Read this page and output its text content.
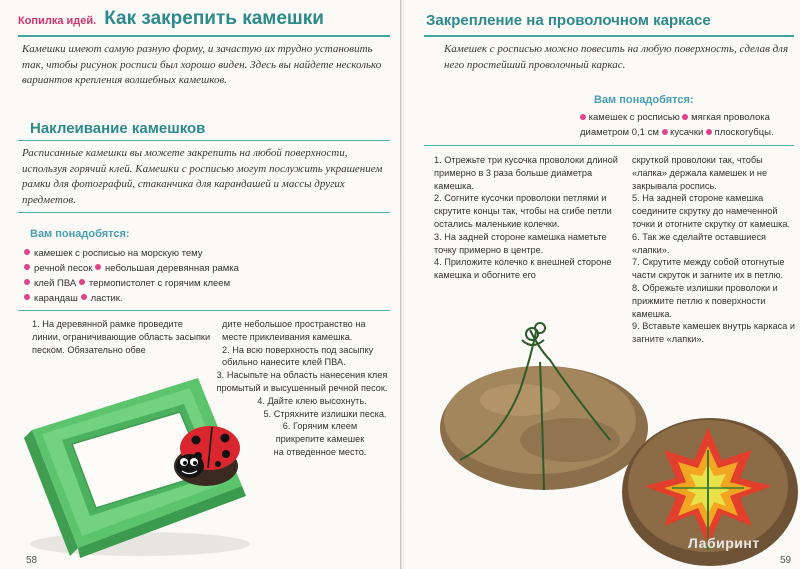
Копилка идей. Как закрепить камешки

Камешки имеют самую разную форму, и зачастую их трудно установить так, чтобы рисунок росписи был хорошо виден. Здесь вы найдете несколько вариантов крепления волшебных камешков.

Наклеивание камешков

Расписанные камешки вы можете закрепить на любой поверхности, используя горячий клей. Камешки с росписью могут послужить украшением рамки для фотографий, стаканчика для карандашей и массы других предметов.

Вам понадобятся:

камешек с росписью на морскую тему
речной песок небольшая деревянная рамка
клей ПВА термопистолет с горячим клеем
карандаш ластик.

1. На деревянной рамке проведите линии, ограничивающие область засыпки песком. Обязательно обве

дите небольшое пространство на месте приклеивания камешка.

2. На всю поверхность под засыпку обильно нанесите клей ПВА.

3. Насыпьте на область нанесения клея промытый и высушенный речной песок.

4. Дайте клею высохнуть.

5. Стряхните излишки песка.

6. Горячим клеем прикрепите камешек на отведенное место.

58

Закрепление на проволочном каркасе

Камешек с росписью можно повесить на любую поверхность, сделав для него простейший проволочный каркас.

Вам понадобятся:

камешек с росписью мягкая проволока
диаметром 0,1 см кусачки плоскогубцы.

1. Отрежьте три кусочка проволоки длиной примерно в 3 раза больше диаметра камешка.

2. Согните кусочки проволоки петлями и скрутите концы так, чтобы на сгибе петли остались маленькие колечки.

3. На задней стороне камешка наметьте точку примерно в центре.

4. Приложите колечко к внешней стороне камешка и обогните его

скруткой проволоки так, чтобы «лапка» держала камешек и не закрывала роспись.

5. На задней стороне камешка соедините скрутку до намеченной точки и отогните скрутку от камешка.

6. Так же сделайте оставшиеся «лапки».

7. Скрутите между собой отогнутые части скруток и загните их в петлю.

8. Обрежьте излишки проволоки и прижмите петлю к поверхности камешка.

9. Вставьте камешек внутрь каркаса и загните «лапки».

Лабиринт
59
